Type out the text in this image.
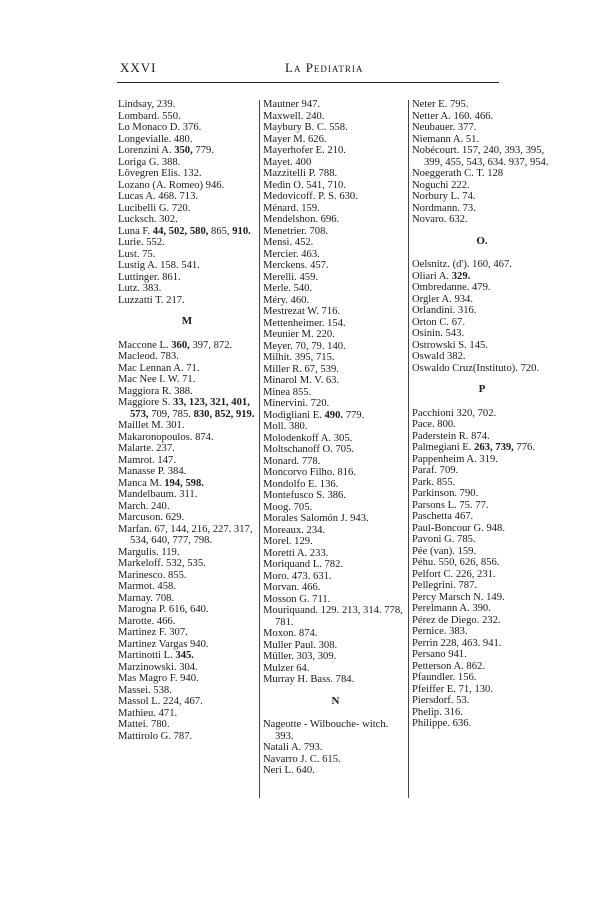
XXVI	La Pediatria
Lindsay, 239.
Lombard. 550.
Lo Monaco D. 376.
Longevialle. 480.
Lorenzini A. 350, 779.
Loriga G. 388.
Lövegren Elis. 132.
Lozano (A. Romeo) 946.
Lucas A. 468. 713.
Lucibelli G. 720.
Lucksch. 302.
Luna F. 44, 502, 580, 865, 910.
Lurie. 552.
Lust. 75.
Lustig A. 158. 541.
Luttinger. 861.
Lutz. 383.
Luzzatti T. 217.
M
Maccone L. 360, 397, 872.
Macleod. 783.
Mac Lennan A. 71.
Mac Nee I. W. 71.
Maggiora R. 388.
Maggiore S. 33, 123, 321, 401, 573, 709, 785. 830, 852, 919.
Maillet M. 301.
Makaronopoulos. 874.
Malarte. 237.
Mamrot. 147.
Manasse P. 384.
Manca M. 194, 598.
Mandelbaum. 311.
March. 240.
Marcuson. 629.
Marfan. 67, 144, 216, 227. 317, 534, 640, 777, 798.
Margulis. 119.
Markeloff. 532, 535.
Marinesco. 855.
Marmot. 458.
Marnay. 708.
Marogna P. 616, 640.
Marotte. 466.
Martinez F. 307.
Martinez Vargas 940.
Martinotti L. 345.
Marzinowski. 304.
Mas Magro F. 940.
Massei. 538.
Massol L. 224, 467.
Mathieu. 471.
Mattei. 780.
Mattirolo G. 787.
Mautner 947.
Maxwell. 240.
Maybury B. C. 558.
Mayer M. 626.
Mayerhofer E. 210.
Mayet. 400
Mazzitelli P. 788.
Medin O. 541, 710.
Medovicoff. P. S. 630.
Ménard. 159.
Mendelshon. 696.
Menetrier. 708.
Mensi. 452.
Mercier. 463.
Merckens. 457.
Merelli. 459.
Merle. 540.
Méry. 460.
Mestrezat W. 716.
Mettenheimer. 154.
Meunier M. 220.
Meyer. 70, 79. 140.
Milhit. 395, 715.
Miller R. 67, 539.
Minarol M. V. 63.
Minea 855.
Minervini. 720.
Modigliani E. 490. 779.
Moll. 380.
Molodenkoff A. 305.
Moltschanoff O. 705.
Monard. 778.
Moncorvo Filho. 816.
Mondolfo E. 136.
Montefusco S. 386.
Moog. 705.
Morales Salomón J. 943.
Moreaux. 234.
Morel. 129.
Moretti A. 233.
Moriquand L. 782.
Moro. 473. 631.
Morvan. 466.
Mosson G. 711.
Mouriquand. 129. 213, 314. 778, 781.
Moxon. 874.
Muller Paul. 308.
Müller. 303, 309.
Mulzer 64.
Murray H. Bass. 784.
N
Nageotte - Wilbouche- witch. 393.
Natali A. 793.
Navarro J. C. 615.
Neri L. 640.
Neter E. 795.
Netter A. 160. 466.
Neubauer. 377.
Niemann A. 51.
Nobécourt. 157, 240, 393, 395, 399, 455, 543, 634. 937, 954.
Noeggerath C. T. 128
Noguchi 222.
Norbury L. 74.
Nordmann. 73.
Novaro. 632.
O.
Oelsnitz. (d'). 160, 467.
Oliari A. 329.
Ombredanne. 479.
Orgler A. 934.
Orlandini. 316.
Orton C. 67.
Osinin. 543.
Ostrowski S. 145.
Oswald 382.
Oswaldo Cruz(Instituto). 720.
P
Pacchioni 320, 702.
Pace. 800.
Paderstein R. 874.
Palmegiani E. 263, 739, 776.
Pappenheim A. 319.
Paraf. 709.
Park. 855.
Parkinson. 790.
Parsons L. 75. 77.
Paschetta 467.
Paul-Boncour G. 948.
Pavoni G. 785.
Pée (van). 159.
Péhu. 550, 626, 856.
Pelfort C. 226, 231.
Pellegrini. 787.
Percy Marsch N. 149.
Perelmann A. 390.
Pérez de Diego. 232.
Pernice. 383.
Perrin 228, 463. 941.
Persano 941.
Petterson A. 862.
Pfaundler. 156.
Pfeiffer E. 71, 130.
Piersdorf. 53.
Phelip. 316.
Philippe. 636.
